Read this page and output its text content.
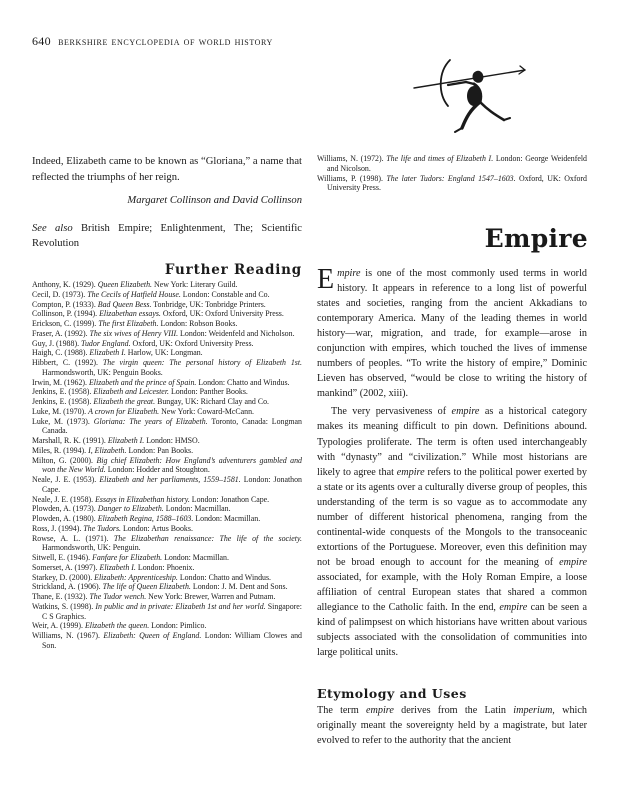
640 berkshire encyclopedia of world history

Indeed, Elizabeth came to be known as “Gloriana,” a name that reflected the triumphs of her reign.

Margaret Collinson and David Collinson

See also British Empire; Enlightenment, The; Scientific Revolution

Further Reading

Anthony, K. (1929). Queen Elizabeth. New York: Literary Guild.

Cecil, D. (1973). The Cecils of Hatfield House. London: Constable and Co.

Compton, P. (1933). Bad Queen Bess. Tonbridge, UK: Tonbridge Printers.

Collinson, P. (1994). Elizabethan essays. Oxford, UK: Oxford University Press.

Erickson, C. (1999). The first Elizabeth. London: Robson Books.

Fraser, A. (1992). The six wives of Henry VIII. London: Weidenfeld and Nicholson.

Guy, J. (1988). Tudor England. Oxford, UK: Oxford University Press.

Haigh, C. (1988). Elizabeth I. Harlow, UK: Longman.

Hibbert, C. (1992). The virgin queen: The personal history of Elizabeth 1st. Harmondsworth, UK: Penguin Books.

Irwin, M. (1962). Elizabeth and the prince of Spain. London: Chatto and Windus.

Jenkins, E. (1958). Elizabeth and Leicester. London: Panther Books.

Jenkins, E. (1958). Elizabeth the great. Bungay, UK: Richard Clay and Co.

Luke, M. (1970). A crown for Elizabeth. New York: Coward-McCann.

Luke, M. (1973). Gloriana: The years of Elizabeth. Toronto, Canada: Longman Canada.

Marshall, R. K. (1991). Elizabeth I. London: HMSO.

Miles, R. (1994). I, Elizabeth. London: Pan Books.

Milton, G. (2000). Big chief Elizabeth: How England’s adventurers gambled and won the New World. London: Hodder and Stoughton.

Neale, J. E. (1953). Elizabeth and her parliaments, 1559–1581. London: Jonathon Cape.

Neale, J. E. (1958). Essays in Elizabethan history. London: Jonathon Cape.

Plowden, A. (1973). Danger to Elizabeth. London: Macmillan.

Plowden, A. (1980). Elizabeth Regina, 1588–1603. London: Macmillan.

Ross, J. (1994). The Tudors. London: Artus Books.

Rowse, A. L. (1971). The Elizabethan renaissance: The life of the society. Harmondsworth, UK: Penguin.

Sitwell, E. (1946). Fanfare for Elizabeth. London: Macmillan.

Somerset, A. (1997). Elizabeth I. London: Phoenix.

Starkey, D. (2000). Elizabeth: Apprenticeship. London: Chatto and Windus.

Strickland, A. (1906). The life of Queen Elizabeth. London: J. M. Dent and Sons.

Thane, E. (1932). The Tudor wench. New York: Brewer, Warren and Putnam.

Watkins, S. (1998). In public and in private: Elizabeth 1st and her world. Singapore: C S Graphics.

Weir, A. (1999). Elizabeth the queen. London: Pimlico.

Williams, N. (1967). Elizabeth: Queen of England. London: William Clowes and Son.

Williams, N. (1972). The life and times of Elizabeth I. London: George Weidenfeld and Nicolson.

Williams, P. (1998). The later Tudors: England 1547–1603. Oxford, UK: Oxford University Press.

Empire

Empire is one of the most commonly used terms in world history. It appears in reference to a long list of powerful states and societies, ranging from the ancient Akkadians to contemporary America. Many of the leading themes in world history—war, migration, and trade, for example—arose in conjunction with empires, which touched the lives of immense numbers of peoples. “To write the history of empire,” Dominic Lieven has observed, “would be close to writing the history of mankind” (2002, xiii).

The very pervasiveness of empire as a historical category makes its meaning difficult to pin down. Definitions abound. Typologies proliferate. The term is often used interchangeably with “dynasty” and “civilization.” While most historians are likely to agree that empire refers to the political power exerted by a state or its agents over a culturally diverse group of peoples, this understanding of the term is so vague as to accommodate any number of different historical phenomena, ranging from the continental-wide conquests of the Mongols to the transoceanic extortions of the Portuguese. Moreover, even this definition may not be broad enough to account for the meaning of empire associated, for example, with the Holy Roman Empire, a loose affiliation of central European states that shared a common allegiance to the Catholic faith. In the end, empire can be seen a kind of palimpsest on which historians have written about various subjects associated with the consolidation of communities into large political units.

Etymology and Uses

The term empire derives from the Latin imperium, which originally meant the sovereignty held by a magistrate, but later evolved to refer to the authority that the ancient
